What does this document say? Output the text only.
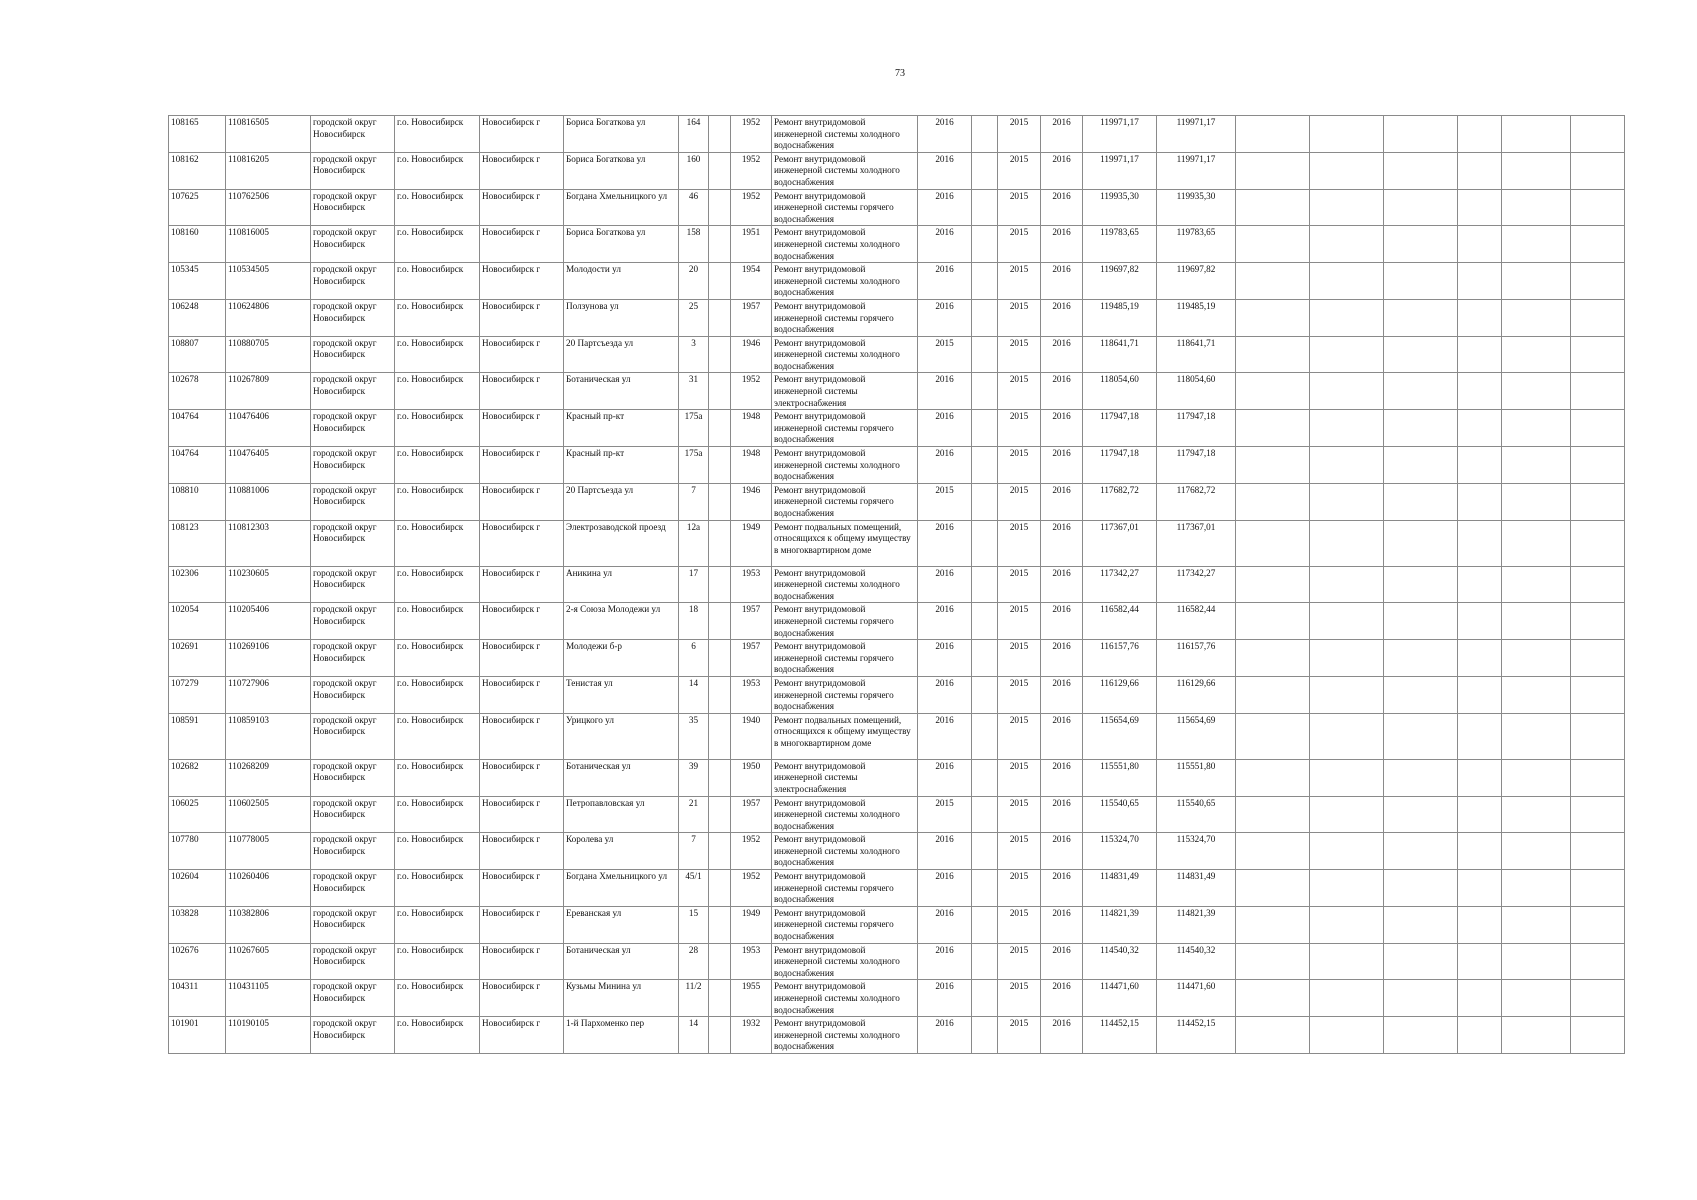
73
108165	110816505	городской округ Новосибирск	г.о. Новосибирск	Новосибирск г	Бориса Богаткова ул	164		1952	Ремонт внутридомовой инженерной системы холодного водоснабжения	2016		2015	2016	119971,17	119971,17						
108162	110816205	городской округ Новосибирск	г.о. Новосибирск	Новосибирск г	Бориса Богаткова ул	160		1952	Ремонт внутридомовой инженерной системы холодного водоснабжения	2016		2015	2016	119971,17	119971,17						
107625	110762506	городской округ Новосибирск	г.о. Новосибирск	Новосибирск г	Богдана Хмельницкого ул	46		1952	Ремонт внутридомовой инженерной системы горячего водоснабжения	2016		2015	2016	119935,30	119935,30						
108160	110816005	городской округ Новосибирск	г.о. Новосибирск	Новосибирск г	Бориса Богаткова ул	158		1951	Ремонт внутридомовой инженерной системы холодного водоснабжения	2016		2015	2016	119783,65	119783,65						
105345	110534505	городской округ Новосибирск	г.о. Новосибирск	Новосибирск г	Молодости ул	20		1954	Ремонт внутридомовой инженерной системы холодного водоснабжения	2016		2015	2016	119697,82	119697,82						
106248	110624806	городской округ Новосибирск	г.о. Новосибирск	Новосибирск г	Ползунова ул	25		1957	Ремонт внутридомовой инженерной системы горячего водоснабжения	2016		2015	2016	119485,19	119485,19						
108807	110880705	городской округ Новосибирск	г.о. Новосибирск	Новосибирск г	20 Партсъезда ул	3		1946	Ремонт внутридомовой инженерной системы холодного водоснабжения	2015		2015	2016	118641,71	118641,71						
102678	110267809	городской округ Новосибирск	г.о. Новосибирск	Новосибирск г	Ботаническая ул	31		1952	Ремонт внутридомовой инженерной системы электроснабжения	2016		2015	2016	118054,60	118054,60						
104764	110476406	городской округ Новосибирск	г.о. Новосибирск	Новосибирск г	Красный пр-кт	175а		1948	Ремонт внутридомовой инженерной системы горячего водоснабжения	2016		2015	2016	117947,18	117947,18						
104764	110476405	городской округ Новосибирск	г.о. Новосибирск	Новосибирск г	Красный пр-кт	175а		1948	Ремонт внутридомовой инженерной системы холодного водоснабжения	2016		2015	2016	117947,18	117947,18						
108810	110881006	городской округ Новосибирск	г.о. Новосибирск	Новосибирск г	20 Партсъезда ул	7		1946	Ремонт внутридомовой инженерной системы горячего водоснабжения	2015		2015	2016	117682,72	117682,72						
108123	110812303	городской округ Новосибирск	г.о. Новосибирск	Новосибирск г	Электрозаводской проезд	12а		1949	Ремонт подвальных помещений, относящихся к общему имуществу в многоквартирном доме	2016		2015	2016	117367,01	117367,01						
102306	110230605	городской округ Новосибирск	г.о. Новосибирск	Новосибирск г	Аникина ул	17		1953	Ремонт внутридомовой инженерной системы холодного водоснабжения	2016		2015	2016	117342,27	117342,27						
102054	110205406	городской округ Новосибирск	г.о. Новосибирск	Новосибирск г	2-я Союза Молодежи ул	18		1957	Ремонт внутридомовой инженерной системы горячего водоснабжения	2016		2015	2016	116582,44	116582,44						
102691	110269106	городской округ Новосибирск	г.о. Новосибирск	Новосибирск г	Молодежи б-р	6		1957	Ремонт внутридомовой инженерной системы горячего водоснабжения	2016		2015	2016	116157,76	116157,76						
107279	110727906	городской округ Новосибирск	г.о. Новосибирск	Новосибирск г	Тенистая ул	14		1953	Ремонт внутридомовой инженерной системы горячего водоснабжения	2016		2015	2016	116129,66	116129,66						
108591	110859103	городской округ Новосибирск	г.о. Новосибирск	Новосибирск г	Урицкого ул	35		1940	Ремонт подвальных помещений, относящихся к общему имуществу в многоквартирном доме	2016		2015	2016	115654,69	115654,69						
102682	110268209	городской округ Новосибирск	г.о. Новосибирск	Новосибирск г	Ботаническая ул	39		1950	Ремонт внутридомовой инженерной системы электроснабжения	2016		2015	2016	115551,80	115551,80						
106025	110602505	городской округ Новосибирск	г.о. Новосибирск	Новосибирск г	Петропавловская ул	21		1957	Ремонт внутридомовой инженерной системы холодного водоснабжения	2015		2015	2016	115540,65	115540,65						
107780	110778005	городской округ Новосибирск	г.о. Новосибирск	Новосибирск г	Королева ул	7		1952	Ремонт внутридомовой инженерной системы холодного водоснабжения	2016		2015	2016	115324,70	115324,70						
102604	110260406	городской округ Новосибирск	г.о. Новосибирск	Новосибирск г	Богдана Хмельницкого ул	45/1		1952	Ремонт внутридомовой инженерной системы горячего водоснабжения	2016		2015	2016	114831,49	114831,49						
103828	110382806	городской округ Новосибирск	г.о. Новосибирск	Новосибирск г	Ереванская ул	15		1949	Ремонт внутридомовой инженерной системы горячего водоснабжения	2016		2015	2016	114821,39	114821,39						
102676	110267605	городской округ Новосибирск	г.о. Новосибирск	Новосибирск г	Ботаническая ул	28		1953	Ремонт внутридомовой инженерной системы холодного водоснабжения	2016		2015	2016	114540,32	114540,32						
104311	110431105	городской округ Новосибирск	г.о. Новосибирск	Новосибирск г	Кузьмы Минина ул	11/2		1955	Ремонт внутридомовой инженерной системы холодного водоснабжения	2016		2015	2016	114471,60	114471,60						
101901	110190105	городской округ Новосибирск	г.о. Новосибирск	Новосибирск г	1-й Пархоменко пер	14		1932	Ремонт внутридомовой инженерной системы холодного водоснабжения	2016		2015	2016	114452,15	114452,15						
